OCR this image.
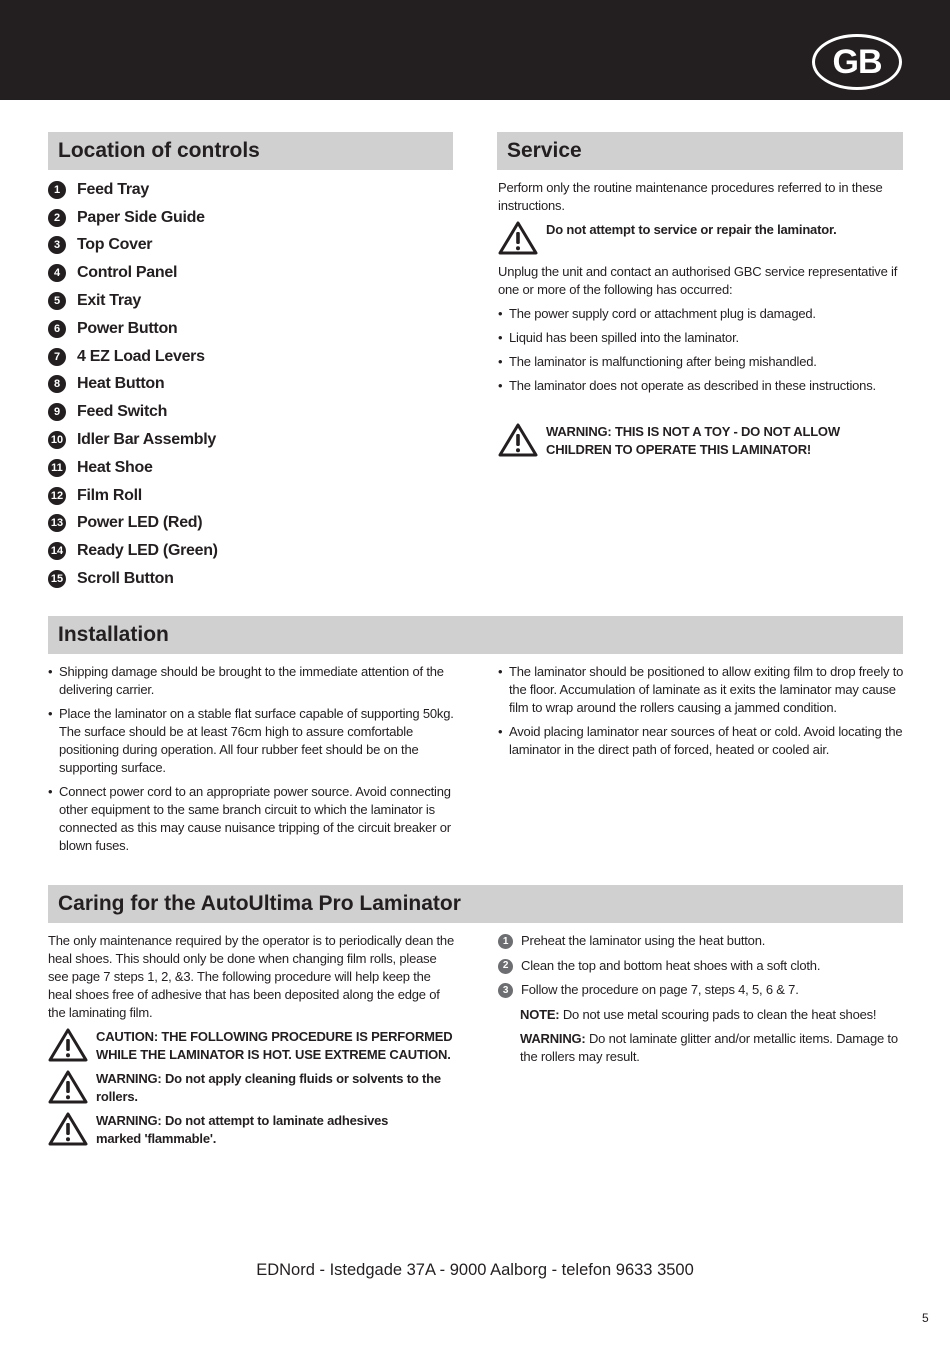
GB
Location of controls
1	Feed Tray
2	Paper Side Guide
3	Top Cover
4	Control Panel
5	Exit Tray
6	Power Button
7	4 EZ Load Levers
8	Heat Button
9	Feed Switch
10 Idler Bar Assembly
11 Heat Shoe
12 Film Roll
13 Power LED (Red)
14 Ready LED (Green)
15 Scroll Button
Service
Perform only the routine maintenance procedures referred to in these instructions.
Do not attempt to service or repair the laminator.
Unplug the unit and contact an authorised GBC service representative if one or more of the following has occurred:
• The power supply cord or attachment plug is damaged.
• Liquid has been spilled into the laminator.
• The laminator is malfunctioning after being mishandled.
• The laminator does not operate as described in these instructions.
WARNING: THIS IS NOT A TOY - DO NOT ALLOW
CHILDREN TO OPERATE THIS LAMINATOR!
Installation
• Shipping damage should be brought to the immediate attention of the delivering carrier.
• Place the laminator on a stable flat surface capable of supporting 50kg. The surface should be at least 76cm high to assure comfortable positioning during operation. All four rubber feet should be on the supporting surface.
• Connect power cord to an appropriate power source. Avoid connecting other equipment to the same branch circuit to which the laminator is connected as this may cause nuisance tripping of the circuit breaker or blown fuses.
• The laminator should be positioned to allow exiting film to drop freely to the floor. Accumulation of laminate as it exits the laminator may cause film to wrap around the rollers causing a jammed condition.
• Avoid placing laminator near sources of heat or cold. Avoid locating the laminator in the direct path of forced, heated or cooled air.
Caring for the AutoUltima Pro Laminator
The only maintenance required by the operator is to periodically dean the heal shoes. This should only be done when changing film rolls, please see page 7 steps 1, 2, &3. The following procedure will help keep the heal shoes free of adhesive that has been deposited along the edge of the laminating film.
CAUTION: THE FOLLOWING PROCEDURE IS PERFORMED WHILE THE LAMINATOR IS HOT. USE EXTREME CAUTION.
WARNING: Do not apply cleaning fluids or solvents to the rollers.
WARNING: Do not attempt to laminate adhesives marked 'flammable'.
1 Preheat the laminator using the heat button.
2 Clean the top and bottom heat shoes with a soft cloth.
3 Follow the procedure on page 7, steps 4, 5, 6 & 7.
NOTE: Do not use metal scouring pads to clean the heat shoes!
WARNING: Do not laminate glitter and/or metallic items. Damage to the rollers may result.
EDNord - Istedgade 37A - 9000 Aalborg - telefon 9633 3500
5
